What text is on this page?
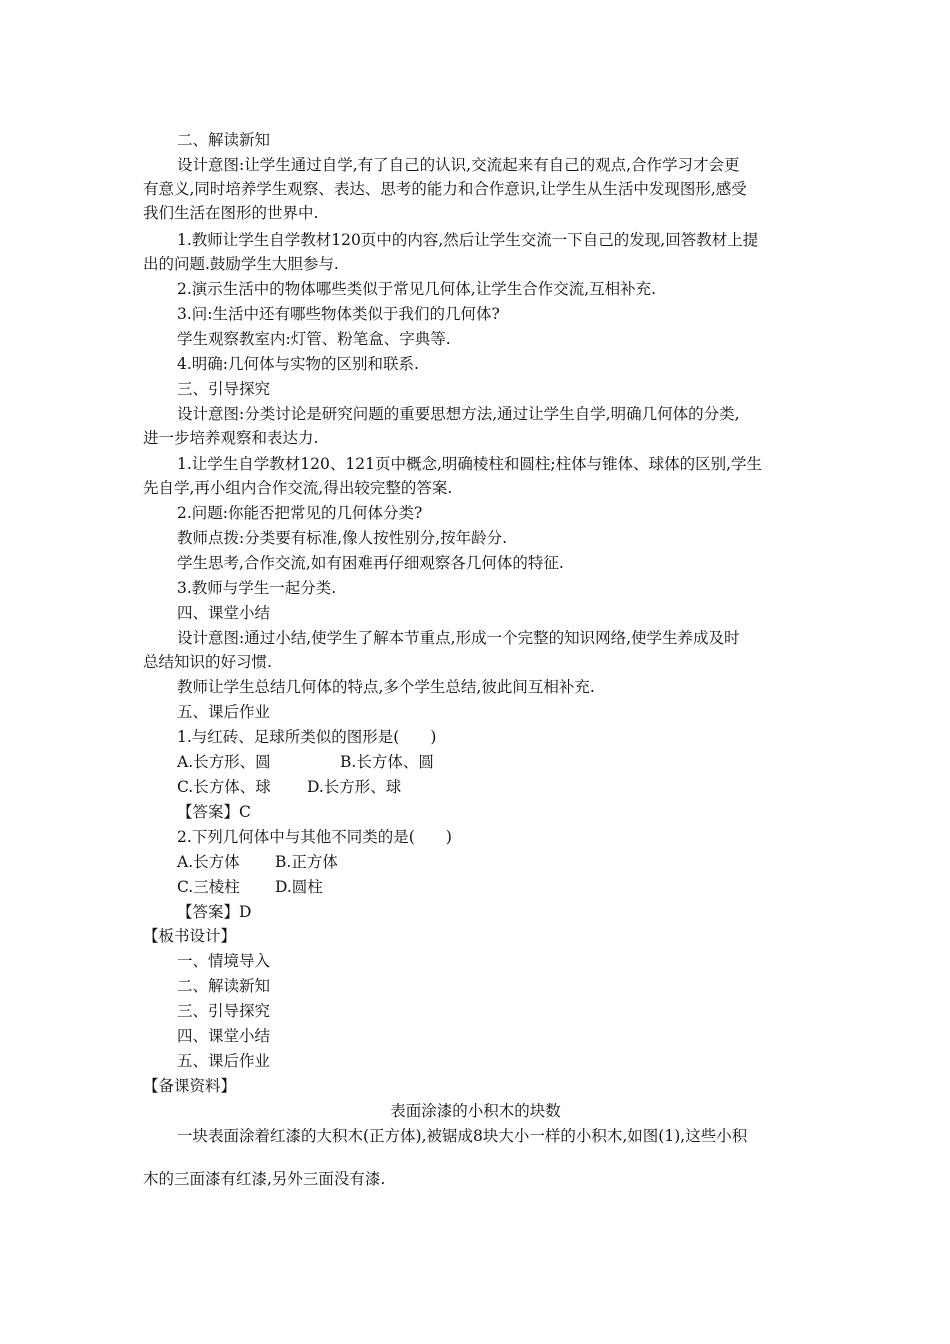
二、解读新知
设计意图:让学生通过自学,有了自己的认识,交流起来有自己的观点,合作学习才会更
有意义,同时培养学生观察、表达、思考的能力和合作意识,让学生从生活中发现图形,感受
我们生活在图形的世界中.
1.教师让学生自学教材120页中的内容,然后让学生交流一下自己的发现,回答教材上提
出的问题.鼓励学生大胆参与.
2.演示生活中的物体哪些类似于常见几何体,让学生合作交流,互相补充.
3.问:生活中还有哪些物体类似于我们的几何体?
学生观察教室内:灯管、粉笔盒、字典等.
4.明确:几何体与实物的区别和联系.
三、引导探究
设计意图:分类讨论是研究问题的重要思想方法,通过让学生自学,明确几何体的分类,
进一步培养观察和表达力.
1.让学生自学教材120、121页中概念,明确棱柱和圆柱;柱体与锥体、球体的区别,学生
先自学,再小组内合作交流,得出较完整的答案.
2.问题:你能否把常见的几何体分类?
教师点拨:分类要有标准,像人按性别分,按年龄分.
学生思考,合作交流,如有困难再仔细观察各几何体的特征.
3.教师与学生一起分类.
四、课堂小结
设计意图:通过小结,使学生了解本节重点,形成一个完整的知识网络,使学生养成及时
总结知识的好习惯.
教师让学生总结几何体的特点,多个学生总结,彼此间互相补充.
五、课后作业
1.与红砖、足球所类似的图形是(　　)
A.长方形、圆	B.长方体、圆
C.长方体、球 D.长方形、球
【答案】C
2.下列几何体中与其他不同类的是(　　)
A.长方体 B.正方体
C.三棱柱 D.圆柱
【答案】D
【板书设计】
一、情境导入
二、解读新知
三、引导探究
四、课堂小结
五、课后作业
【备课资料】
表面涂漆的小积木的块数
一块表面涂着红漆的大积木(正方体),被锯成8块大小一样的小积木,如图(1),这些小积
木的三面漆有红漆,另外三面没有漆.
